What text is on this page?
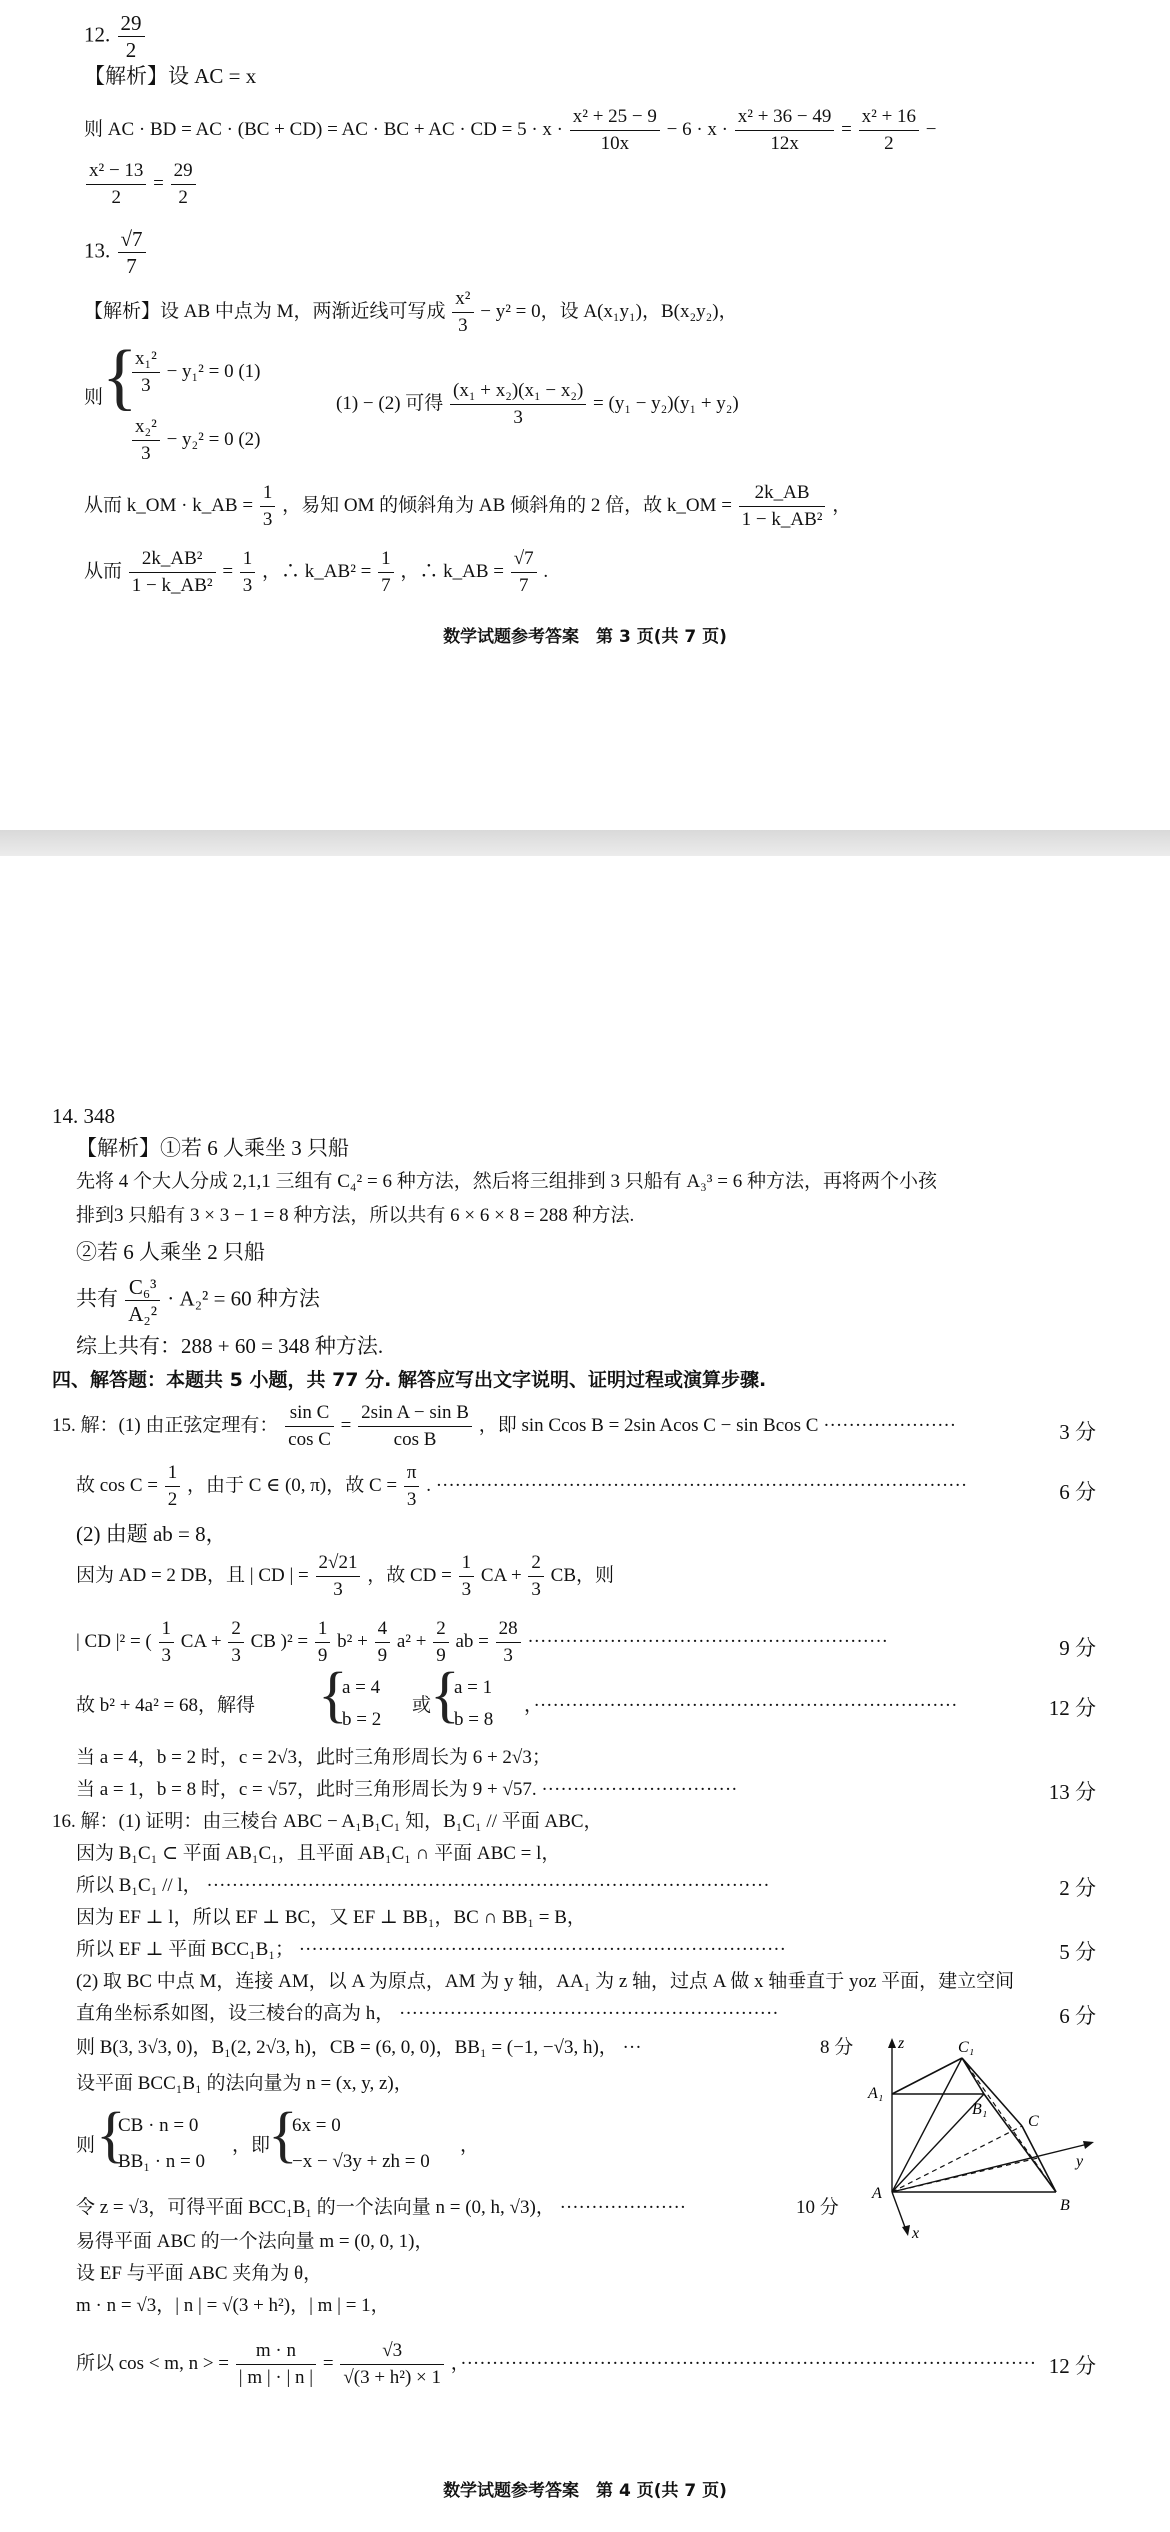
12. $\frac{29}{2}$
【解析】设 AC = x
则 AC · BD = AC · (BC + CD) = AC · BC + AC · CD = $5 \cdot x \cdot \frac{\text{x² + 25 − 9}}{10x} - 6 \cdot x \cdot \frac{\text{x² + 36 − 49}}{12x} = \frac{\text{x² + 16}}{2}$ −
$\frac{\text{x² − 13}}{2} = \frac{29}{2}$
13. $\frac{√7}{7}$
【解析】设 AB 中点为 M，两渐近线可写成 $\frac{\text{x²}}{3} - y^2 = 0$，设 A(x₁y₁)，B(x₂y₂)，
则
{
$\frac{\text{x₁²}}{3} - y_1^2 = 0$ (1)
$\frac{\text{x₂²}}{3} - y_2^2 = 0$ (2)
(1) − (2) 可得 $\frac{\text{(x₁ + x₂)(x₁ − x₂)}}{3} = (y_1 - y_2)(y_1 + y_2)$
从而 k_OM · k_AB = $\frac{1}{3}$ ，易知 OM 的倾斜角为 AB 倾斜角的 2 倍，故 k_OM = $\frac{2k\_AB}{\text{1 − k\_AB²}}$ ，
从而 $\frac{\text{2k\_AB²}}{\text{1 − k\_AB²}} = \frac{1}{3}$ ，∴ k_AB² = $\frac{1}{7}$ ，∴ k_AB = $\frac{√7}{7}$ .
数学试题参考答案　第 3 页(共 7 页)
14. 348
【解析】①若 6 人乘坐 3 只船
先将 4 个大人分成 2,1,1 三组有 C₄² = 6 种方法，然后将三组排到 3 只船有 A₃³ = 6 种方法，再将两个小孩
排到3 只船有 3 × 3 − 1 = 8 种方法，所以共有 6 × 6 × 8 = 288 种方法.
②若 6 人乘坐 2 只船
共有 $\frac{\text{C₆³}}{\text{A₂²}} \cdot A_2^2 = 60$ 种方法
综上共有：288 + 60 = 348 种方法.
四、解答题：本题共 5 小题，共 77 分. 解答应写出文字说明、证明过程或演算步骤.
15. 解：(1) 由正弦定理有： $\frac{\text{sin C}}{\text{cos C}} = \frac{\text{2sin A − sin B}}{\text{cos B}}$ ，即 sin Ccos B = 2sin Acos C − sin Bcos C ·····················	3 分
故 $\cos C = \frac{1}{2}$ ，由于 C ∈ (0, π)，故 $C = \frac{\pi}{3}$ . ····················································································	6 分
(2) 由题 ab = 8，
因为 AD = 2 DB，且 | CD | = $\frac{2√21}{3}$ ，故 CD = $\frac{1}{3}$ CA + $\frac{2}{3}$ CB，则
| CD |² = ( $\frac{1}{3}$ CA + $\frac{2}{3}$ CB )$^2 = \frac{1}{9} b^2 + \frac{4}{9} a^2 + \frac{2}{9}$ ab = $\frac{28}{3}$ ·························································	9 分
故 b² + 4a² = 68，解得 {
a = 4
b = 2
或
{
a = 1
b = 8
，···································································	12 分
当 a = 4，b = 2 时，c = 2√3，此时三角形周长为 6 + 2√3；
当 a = 1，b = 8 时，c = √57，此时三角形周长为 9 + √57. ·······························	13 分
16. 解：(1) 证明：由三棱台 ABC − A₁B₁C₁ 知，B₁C₁ // 平面 ABC，
因为 B₁C₁ ⊂ 平面 AB₁C₁，且平面 AB₁C₁ ∩ 平面 ABC = l，
所以 B₁C₁ // l， ·························································································	2 分
因为 EF ⊥ l，所以 EF ⊥ BC，又 EF ⊥ BB₁，BC ∩ BB₁ = B，
所以 EF ⊥ 平面 BCC₁B₁； ·············································································	5 分
(2) 取 BC 中点 M，连接 AM，以 A 为原点，AM 为 y 轴，AA₁ 为 z 轴，过点 A 做 x 轴垂直于 yoz 平面，建立空间
直角坐标系如图，设三棱台的高为 h， ····························································	6 分
则 B(3, 3√3, 0)，B₁(2, 2√3, h)，CB = (6, 0, 0)，BB₁ = (−1, −√3, h)， ···	8 分
设平面 BCC₁B₁ 的法向量为 n = (x, y, z)，
则 {
CB · n = 0
BB₁ · n = 0
，即
{
6x = 0
−x − √3y + zh = 0
，
令 z = √3，可得平面 BCC₁B₁ 的一个法向量 n = (0, h, √3)， ····················	10 分
易得平面 ABC 的一个法向量 m = (0, 0, 1)，
设 EF 与平面 ABC 夹角为 θ，
m · n = √3，| n | = √(3 + h²)，| m | = 1，
所以 cos < m, n > = $\frac{m \cdot n}{| m | \cdot | n |} = \frac{√3}{\text{√(3 + h²) × 1}}$ ，··························································································· 12 分
z
y
x
A
B
C
A₁
B₁
C₁
数学试题参考答案　第 4 页(共 7 页)
